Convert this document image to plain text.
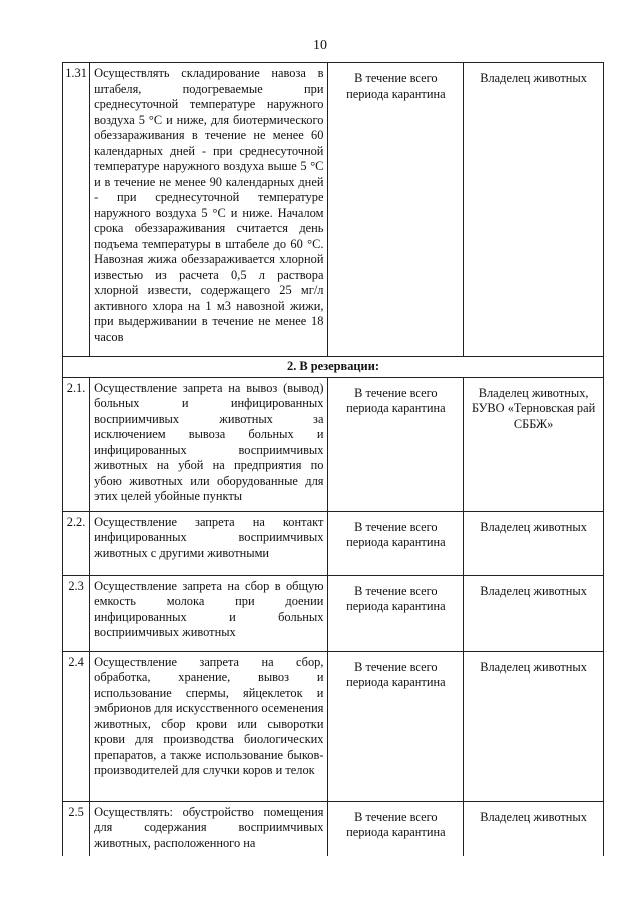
10
1.31	Осуществлять складирование навоза в штабеля, подогреваемые при среднесуточной температуре наружного воздуха 5 °С и ниже, для биотермического обеззараживания в течение не менее 60 календарных дней - при среднесуточной температуре наружного воздуха выше 5 °С и в течение не менее 90 календарных дней - при среднесуточной температуре наружного воздуха 5 °С и ниже. Началом срока обеззараживания считается день подъема температуры в штабеле до 60 °С. Навозная жижа обеззараживается хлорной известью из расчета 0,5 л раствора хлорной извести, содержащего 25 мг/л активного хлора на 1 м3 навозной жижи, при выдерживании в течение не менее 18 часов	В течение всего периода карантина	Владелец животных
2. В резервации:			
2.1.	Осуществление запрета на вывоз (вывод) больных и инфицированных восприимчивых животных за исключением вывоза больных и инфицированных восприимчивых животных на убой на предприятия по убою животных или оборудованные для этих целей убойные пункты	В течение всего периода карантина	Владелец животных, БУВО «Терновская рай СББЖ»
2.2.	Осуществление запрета на контакт инфицированных восприимчивых животных с другими животными	В течение всего периода карантина	Владелец животных
2.3	Осуществление запрета на сбор в общую емкость молока при доении инфицированных и больных восприимчивых животных	В течение всего периода карантина	Владелец животных
2.4	Осуществление запрета на сбор, обработка, хранение, вывоз и использование спермы, яйцеклеток и эмбрионов для искусственного осеменения животных, сбор крови или сыворотки крови для производства биологических препаратов, а также использование быков-производителей для случки коров и телок	В течение всего периода карантина	Владелец животных
2.5	Осуществлять: обустройство помещения для содержания восприимчивых животных, расположенного на	В течение всего периода карантина	Владелец животных
